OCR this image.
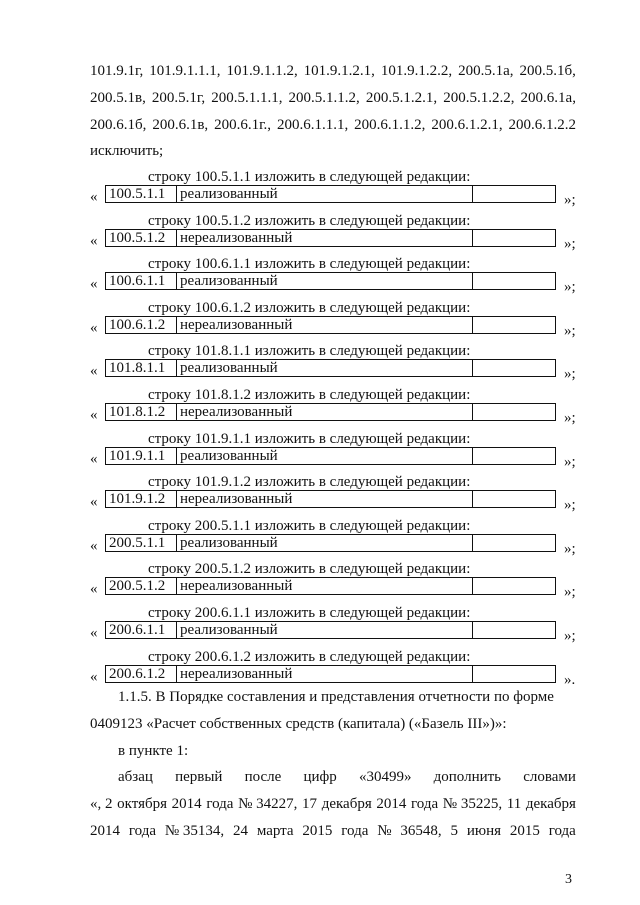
101.9.1г, 101.9.1.1.1, 101.9.1.1.2, 101.9.1.2.1, 101.9.1.2.2, 200.5.1а, 200.5.1б,
200.5.1в, 200.5.1г, 200.5.1.1.1, 200.5.1.1.2, 200.5.1.2.1, 200.5.1.2.2, 200.6.1а,
200.6.1б, 200.6.1в, 200.6.1г., 200.6.1.1.1, 200.6.1.1.2, 200.6.1.2.1, 200.6.1.2.2
исключить;
строку 100.5.1.1 изложить в следующей редакции:
« 100.5.1.1 реализованный	»;
строку 100.5.1.2 изложить в следующей редакции:
« 100.5.1.2 нереализованный	»;
строку 100.6.1.1 изложить в следующей редакции:
« 100.6.1.1 реализованный	»;
строку 100.6.1.2 изложить в следующей редакции:
« 100.6.1.2 нереализованный	»;
строку 101.8.1.1 изложить в следующей редакции:
« 101.8.1.1 реализованный	»;
строку 101.8.1.2 изложить в следующей редакции:
« 101.8.1.2 нереализованный	»;
строку 101.9.1.1 изложить в следующей редакции:
« 101.9.1.1 реализованный	»;
строку 101.9.1.2 изложить в следующей редакции:
« 101.9.1.2 нереализованный	»;
строку 200.5.1.1 изложить в следующей редакции:
« 200.5.1.1 реализованный	»;
строку 200.5.1.2 изложить в следующей редакции:
« 200.5.1.2 нереализованный	»;
строку 200.6.1.1 изложить в следующей редакции:
« 200.6.1.1 реализованный	»;
строку 200.6.1.2 изложить в следующей редакции:
« 200.6.1.2 нереализованный	».
1.1.5. В Порядке составления и представления отчетности по форме
0409123 «Расчет собственных средств (капитала) («Базель III»)»:
в пункте 1:
абзац первый после цифр «30499» дополнить словами
«, 2 октября 2014 года № 34227, 17 декабря 2014 года № 35225, 11 декабря
2014 года № 35134, 24 марта 2015 года № 36548, 5 июня 2015 года
3
